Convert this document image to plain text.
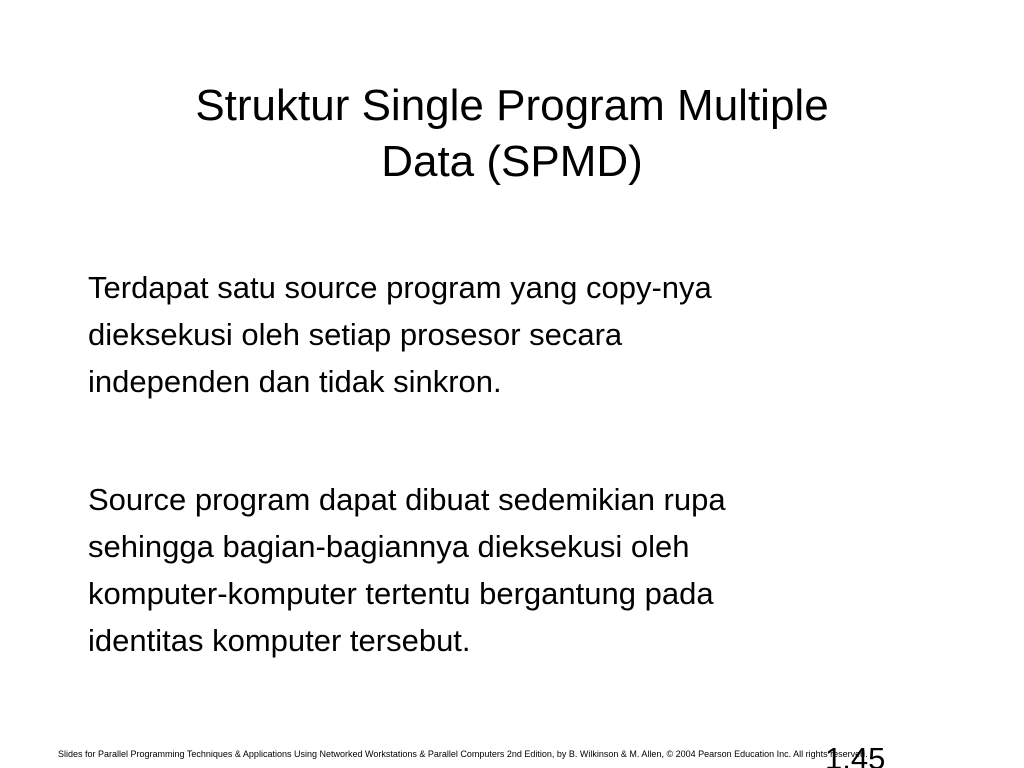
Struktur Single Program Multiple
Data (SPMD)

Terdapat satu source program yang copy-nya
dieksekusi oleh setiap prosesor secara
independen dan tidak sinkron.

Source program dapat dibuat sedemikian rupa
sehingga bagian-bagiannya dieksekusi oleh
komputer-komputer tertentu bergantung pada
identitas komputer tersebut.

1.45
Slides for Parallel Programming Techniques & Applications Using Networked Workstations & Parallel Computers 2nd Edition, by B. Wilkinson & M. Allen, © 2004 Pearson Education Inc. All rights reserved.
